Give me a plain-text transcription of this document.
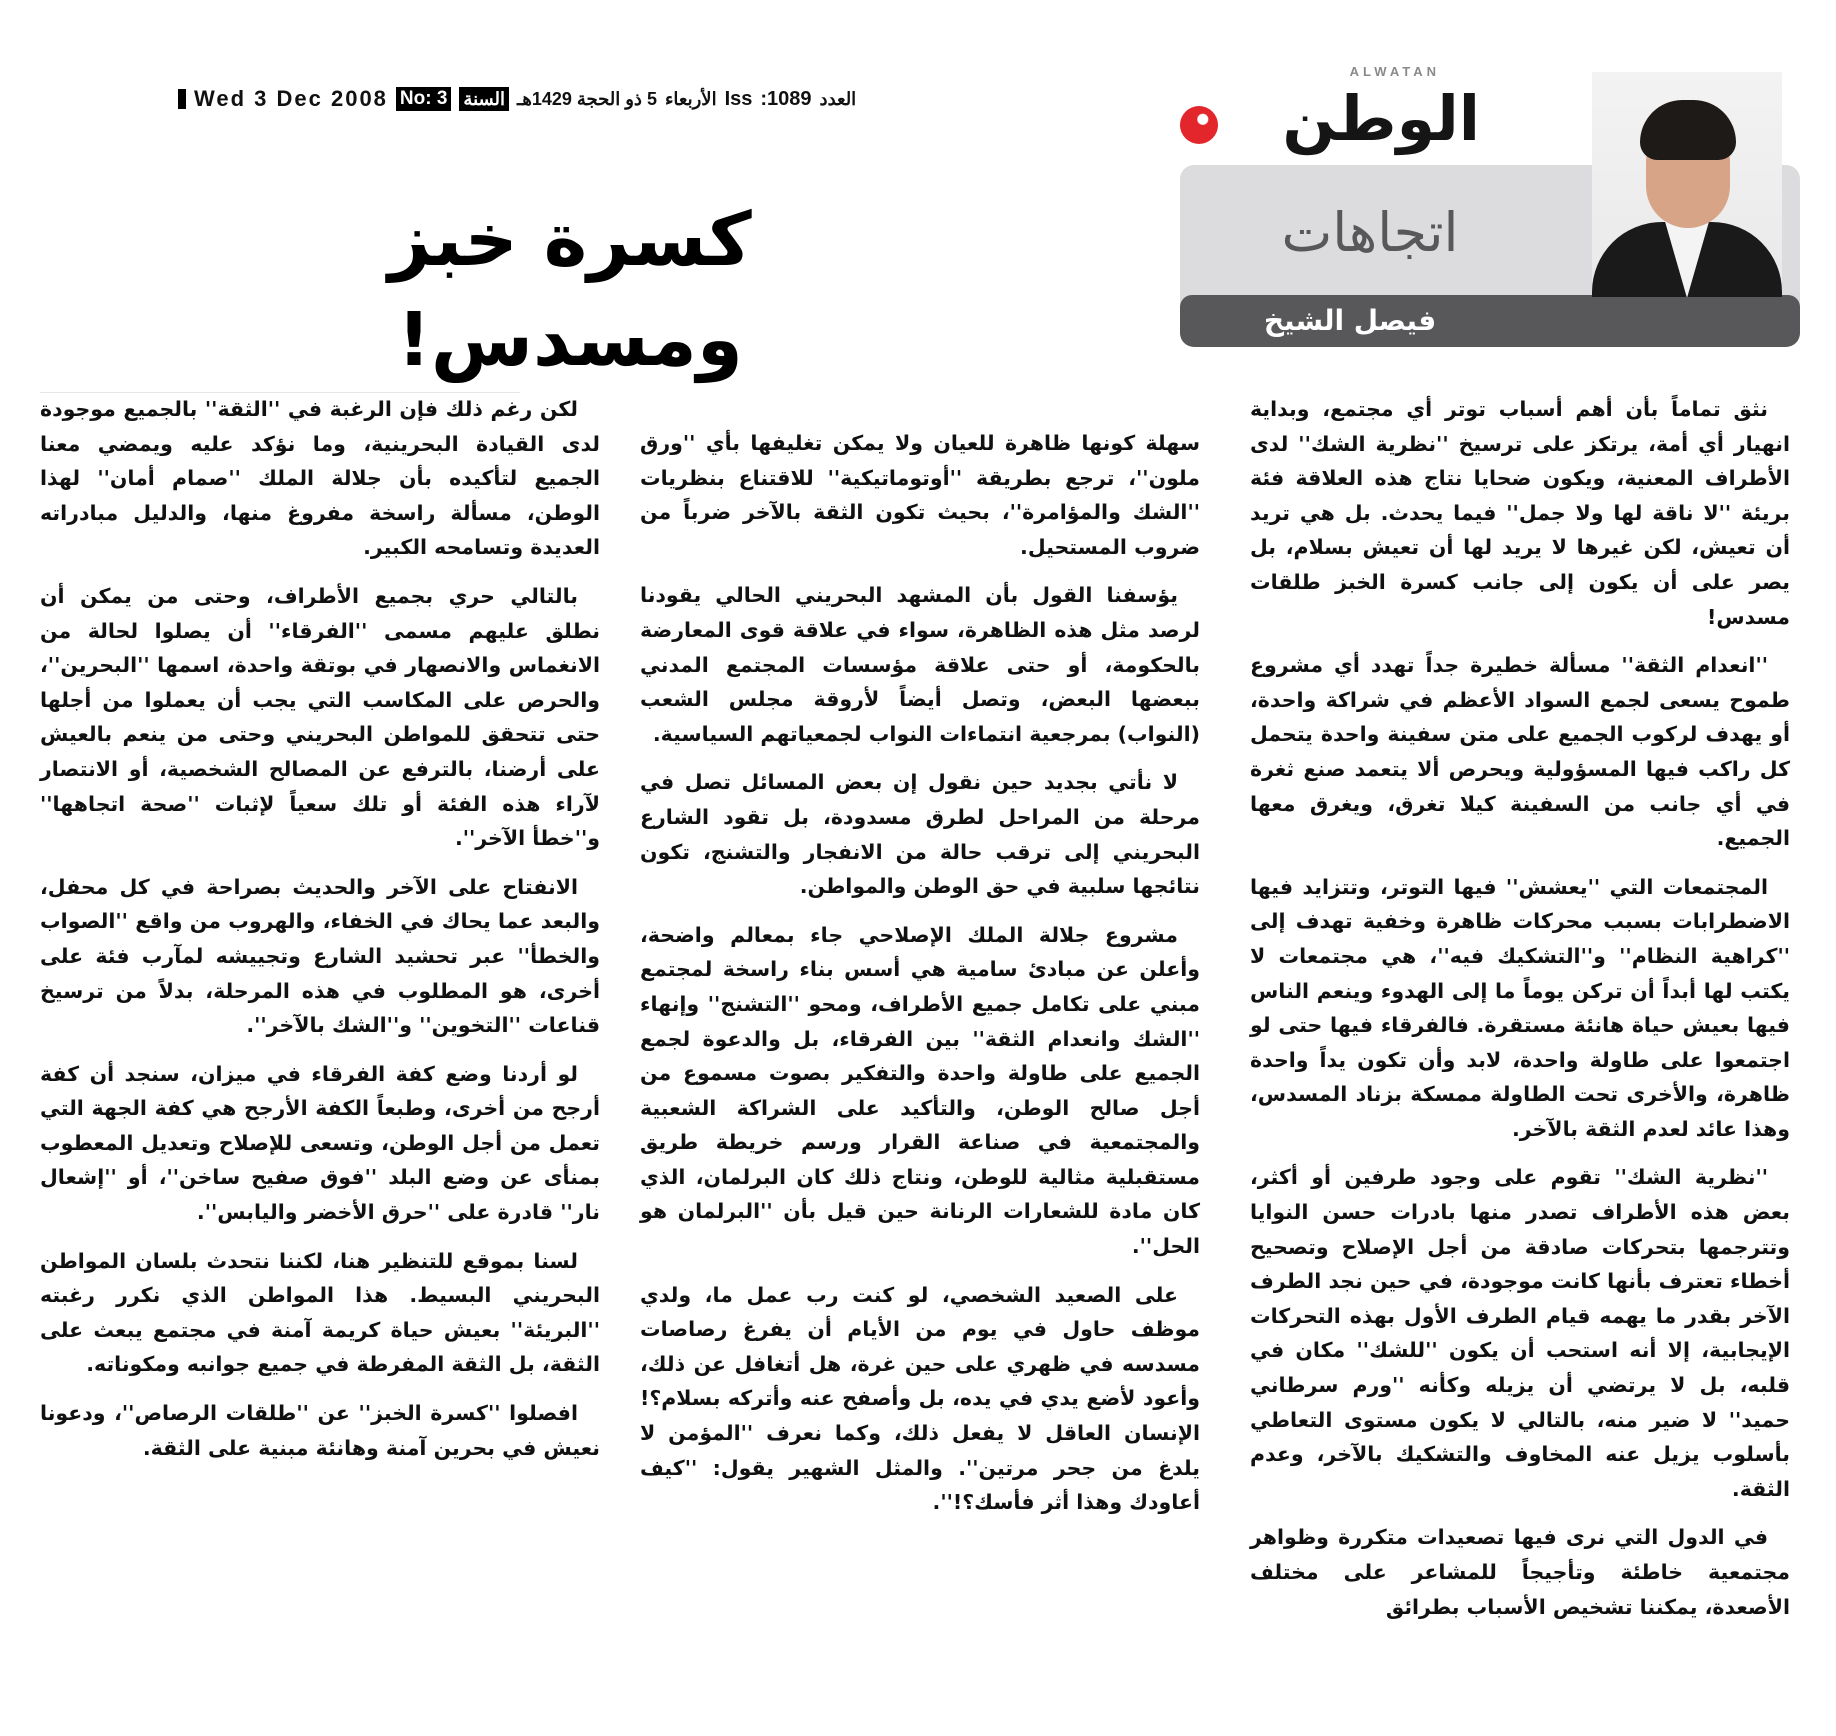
Wed 3 Dec 2008 No: 3 السنة 5 ذو الحجة 1429هـ الأربعاء Iss :1089 العدد
كسرة خبز ومسدس!
ALWATAN
الوطن
اتجاهات
فيصل الشيخ

نثق تماماً بأن أهم أسباب توتر أي مجتمع، وبداية انهيار أي أمة، يرتكز على ترسيخ ''نظرية الشك'' لدى الأطراف المعنية، ويكون ضحايا نتاج هذه العلاقة فئة بريئة ''لا ناقة لها ولا جمل'' فيما يحدث. بل هي تريد أن تعيش، لكن غيرها لا يريد لها أن تعيش بسلام، بل يصر على أن يكون إلى جانب كسرة الخبز طلقات مسدس!

''انعدام الثقة'' مسألة خطيرة جداً تهدد أي مشروع طموح يسعى لجمع السواد الأعظم في شراكة واحدة، أو يهدف لركوب الجميع على متن سفينة واحدة يتحمل كل راكب فيها المسؤولية ويحرص ألا يتعمد صنع ثغرة في أي جانب من السفينة كيلا تغرق، ويغرق معها الجميع.

المجتمعات التي ''يعشش'' فيها التوتر، وتتزايد فيها الاضطرابات بسبب محركات ظاهرة وخفية تهدف إلى ''كراهية النظام'' و''التشكيك فيه''، هي مجتمعات لا يكتب لها أبداً أن تركن يوماً ما إلى الهدوء وينعم الناس فيها بعيش حياة هانئة مستقرة. فالفرقاء فيها حتى لو اجتمعوا على طاولة واحدة، لابد وأن تكون يداً واحدة ظاهرة، والأخرى تحت الطاولة ممسكة بزناد المسدس، وهذا عائد لعدم الثقة بالآخر.

''نظرية الشك'' تقوم على وجود طرفين أو أكثر، بعض هذه الأطراف تصدر منها بادرات حسن النوايا وتترجمها بتحركات صادقة من أجل الإصلاح وتصحيح أخطاء تعترف بأنها كانت موجودة، في حين نجد الطرف الآخر بقدر ما يهمه قيام الطرف الأول بهذه التحركات الإيجابية، إلا أنه استحب أن يكون ''للشك'' مكان في قلبه، بل لا يرتضي أن يزيله وكأنه ''ورم سرطاني حميد'' لا ضير منه، بالتالي لا يكون مستوى التعاطي بأسلوب يزيل عنه المخاوف والتشكيك بالآخر، وعدم الثقة.

في الدول التي نرى فيها تصعيدات متكررة وظواهر مجتمعية خاطئة وتأجيجاً للمشاعر على مختلف الأصعدة، يمكننا تشخيص الأسباب بطرائق

سهلة كونها ظاهرة للعيان ولا يمكن تغليفها بأي ''ورق ملون''، ترجع بطريقة ''أوتوماتيكية'' للاقتناع بنظريات ''الشك والمؤامرة''، بحيث تكون الثقة بالآخر ضرباً من ضروب المستحيل.

يؤسفنا القول بأن المشهد البحريني الحالي يقودنا لرصد مثل هذه الظاهرة، سواء في علاقة قوى المعارضة بالحكومة، أو حتى علاقة مؤسسات المجتمع المدني ببعضها البعض، وتصل أيضاً لأروقة مجلس الشعب (النواب) بمرجعية انتماءات النواب لجمعياتهم السياسية.

لا نأتي بجديد حين نقول إن بعض المسائل تصل في مرحلة من المراحل لطرق مسدودة، بل تقود الشارع البحريني إلى ترقب حالة من الانفجار والتشنج، تكون نتائجها سلبية في حق الوطن والمواطن.

مشروع جلالة الملك الإصلاحي جاء بمعالم واضحة، وأعلن عن مبادئ سامية هي أسس بناء راسخة لمجتمع مبني على تكامل جميع الأطراف، ومحو ''التشنج'' وإنهاء ''الشك وانعدام الثقة'' بين الفرقاء، بل والدعوة لجمع الجميع على طاولة واحدة والتفكير بصوت مسموع من أجل صالح الوطن، والتأكيد على الشراكة الشعبية والمجتمعية في صناعة القرار ورسم خريطة طريق مستقبلية مثالية للوطن، ونتاج ذلك كان البرلمان، الذي كان مادة للشعارات الرنانة حين قيل بأن ''البرلمان هو الحل''.

على الصعيد الشخصي، لو كنت رب عمل ما، ولدي موظف حاول في يوم من الأيام أن يفرغ رصاصات مسدسه في ظهري على حين غرة، هل أتغافل عن ذلك، وأعود لأضع يدي في يده، بل وأصفح عنه وأتركه بسلام؟! الإنسان العاقل لا يفعل ذلك، وكما نعرف ''المؤمن لا يلدغ من جحر مرتين''. والمثل الشهير يقول: ''كيف أعاودك وهذا أثر فأسك؟!''.

لكن رغم ذلك فإن الرغبة في ''الثقة'' بالجميع موجودة لدى القيادة البحرينية، وما نؤكد عليه ويمضي معنا الجميع لتأكيده بأن جلالة الملك ''صمام أمان'' لهذا الوطن، مسألة راسخة مفروغ منها، والدليل مبادراته العديدة وتسامحه الكبير.

بالتالي حري بجميع الأطراف، وحتى من يمكن أن نطلق عليهم مسمى ''الفرقاء'' أن يصلوا لحالة من الانغماس والانصهار في بوتقة واحدة، اسمها ''البحرين''، والحرص على المكاسب التي يجب أن يعملوا من أجلها حتى تتحقق للمواطن البحريني وحتى من ينعم بالعيش على أرضنا، بالترفع عن المصالح الشخصية، أو الانتصار لآراء هذه الفئة أو تلك سعياً لإثبات ''صحة اتجاهها'' و''خطأ الآخر''.

الانفتاح على الآخر والحديث بصراحة في كل محفل، والبعد عما يحاك في الخفاء، والهروب من واقع ''الصواب والخطأ'' عبر تحشيد الشارع وتجييشه لمآرب فئة على أخرى، هو المطلوب في هذه المرحلة، بدلاً من ترسيخ قناعات ''التخوين'' و''الشك بالآخر''.

لو أردنا وضع كفة الفرقاء في ميزان، سنجد أن كفة أرجح من أخرى، وطبعاً الكفة الأرجح هي كفة الجهة التي تعمل من أجل الوطن، وتسعى للإصلاح وتعديل المعطوب بمنأى عن وضع البلد ''فوق صفيح ساخن''، أو ''إشعال نار'' قادرة على ''حرق الأخضر واليابس''.

لسنا بموقع للتنظير هنا، لكننا نتحدث بلسان المواطن البحريني البسيط. هذا المواطن الذي نكرر رغبته ''البريئة'' بعيش حياة كريمة آمنة في مجتمع يبعث على الثقة، بل الثقة المفرطة في جميع جوانبه ومكوناته.

افصلوا ''كسرة الخبز'' عن ''طلقات الرصاص''، ودعونا نعيش في بحرين آمنة وهانئة مبنية على الثقة.
